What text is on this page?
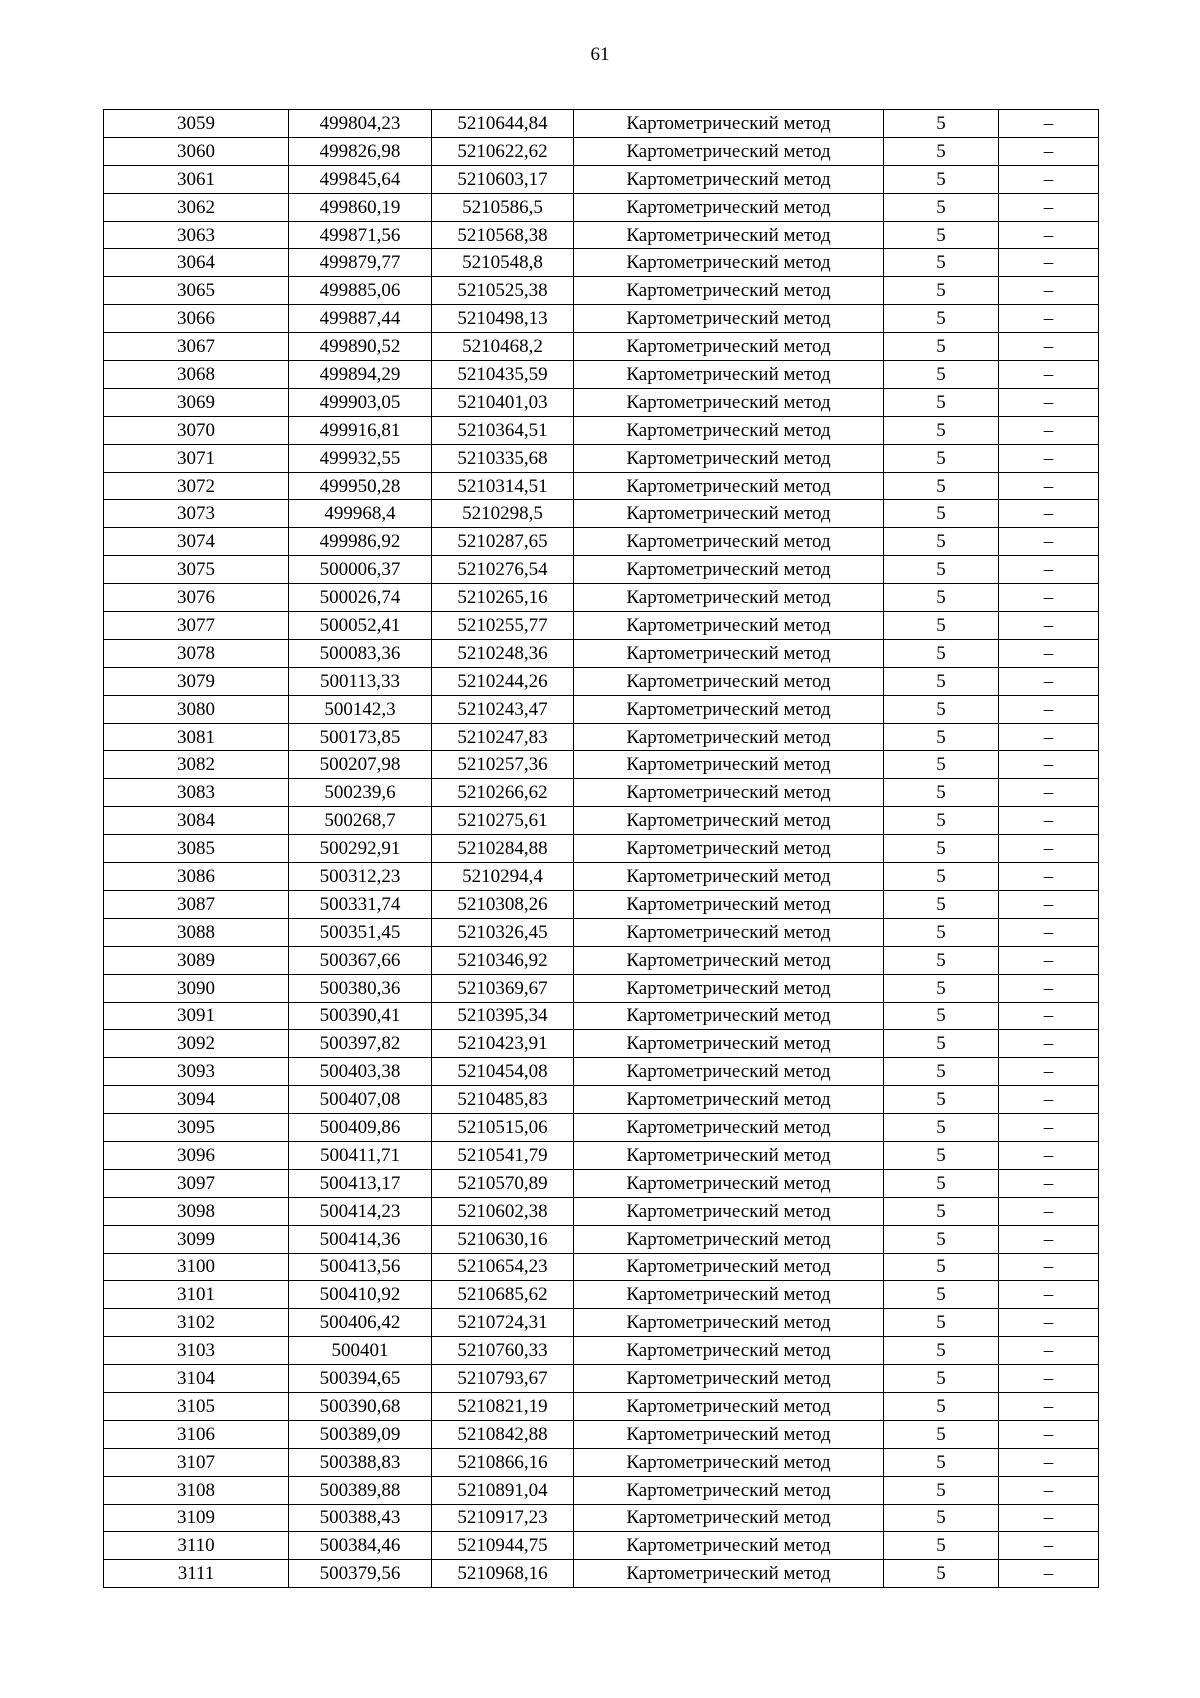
61
3059	499804,23	5210644,84	Картометрический метод	5	–
3060	499826,98	5210622,62	Картометрический метод	5	–
3061	499845,64	5210603,17	Картометрический метод	5	–
3062	499860,19	5210586,5	Картометрический метод	5	–
3063	499871,56	5210568,38	Картометрический метод	5	–
3064	499879,77	5210548,8	Картометрический метод	5	–
3065	499885,06	5210525,38	Картометрический метод	5	–
3066	499887,44	5210498,13	Картометрический метод	5	–
3067	499890,52	5210468,2	Картометрический метод	5	–
3068	499894,29	5210435,59	Картометрический метод	5	–
3069	499903,05	5210401,03	Картометрический метод	5	–
3070	499916,81	5210364,51	Картометрический метод	5	–
3071	499932,55	5210335,68	Картометрический метод	5	–
3072	499950,28	5210314,51	Картометрический метод	5	–
3073	499968,4	5210298,5	Картометрический метод	5	–
3074	499986,92	5210287,65	Картометрический метод	5	–
3075	500006,37	5210276,54	Картометрический метод	5	–
3076	500026,74	5210265,16	Картометрический метод	5	–
3077	500052,41	5210255,77	Картометрический метод	5	–
3078	500083,36	5210248,36	Картометрический метод	5	–
3079	500113,33	5210244,26	Картометрический метод	5	–
3080	500142,3	5210243,47	Картометрический метод	5	–
3081	500173,85	5210247,83	Картометрический метод	5	–
3082	500207,98	5210257,36	Картометрический метод	5	–
3083	500239,6	5210266,62	Картометрический метод	5	–
3084	500268,7	5210275,61	Картометрический метод	5	–
3085	500292,91	5210284,88	Картометрический метод	5	–
3086	500312,23	5210294,4	Картометрический метод	5	–
3087	500331,74	5210308,26	Картометрический метод	5	–
3088	500351,45	5210326,45	Картометрический метод	5	–
3089	500367,66	5210346,92	Картометрический метод	5	–
3090	500380,36	5210369,67	Картометрический метод	5	–
3091	500390,41	5210395,34	Картометрический метод	5	–
3092	500397,82	5210423,91	Картометрический метод	5	–
3093	500403,38	5210454,08	Картометрический метод	5	–
3094	500407,08	5210485,83	Картометрический метод	5	–
3095	500409,86	5210515,06	Картометрический метод	5	–
3096	500411,71	5210541,79	Картометрический метод	5	–
3097	500413,17	5210570,89	Картометрический метод	5	–
3098	500414,23	5210602,38	Картометрический метод	5	–
3099	500414,36	5210630,16	Картометрический метод	5	–
3100	500413,56	5210654,23	Картометрический метод	5	–
3101	500410,92	5210685,62	Картометрический метод	5	–
3102	500406,42	5210724,31	Картометрический метод	5	–
3103	500401	5210760,33	Картометрический метод	5	–
3104	500394,65	5210793,67	Картометрический метод	5	–
3105	500390,68	5210821,19	Картометрический метод	5	–
3106	500389,09	5210842,88	Картометрический метод	5	–
3107	500388,83	5210866,16	Картометрический метод	5	–
3108	500389,88	5210891,04	Картометрический метод	5	–
3109	500388,43	5210917,23	Картометрический метод	5	–
3110	500384,46	5210944,75	Картометрический метод	5	–
3111	500379,56	5210968,16	Картометрический метод	5	–
